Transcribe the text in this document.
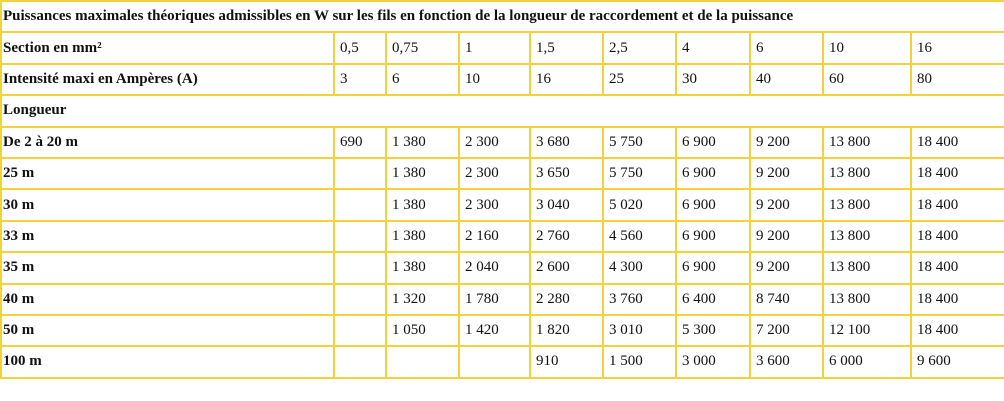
Puissances maximales théoriques admissibles en W sur les fils en fonction de la longueur de raccordement et de la puissance									
Section en mm²	0,5	0,75	1	1,5	2,5	4	6	10	16
Intensité maxi en Ampères (A)	3	6	10	16	25	30	40	60	80
Longueur									
De 2 à 20 m	690	1 380	2 300	3 680	5 750	6 900	9 200	13 800	18 400
25 m		1 380	2 300	3 650	5 750	6 900	9 200	13 800	18 400
30 m		1 380	2 300	3 040	5 020	6 900	9 200	13 800	18 400
33 m		1 380	2 160	2 760	4 560	6 900	9 200	13 800	18 400
35 m		1 380	2 040	2 600	4 300	6 900	9 200	13 800	18 400
40 m		1 320	1 780	2 280	3 760	6 400	8 740	13 800	18 400
50 m		1 050	1 420	1 820	3 010	5 300	7 200	12 100	18 400
100 m				910	1 500	3 000	3 600	6 000	9 600
